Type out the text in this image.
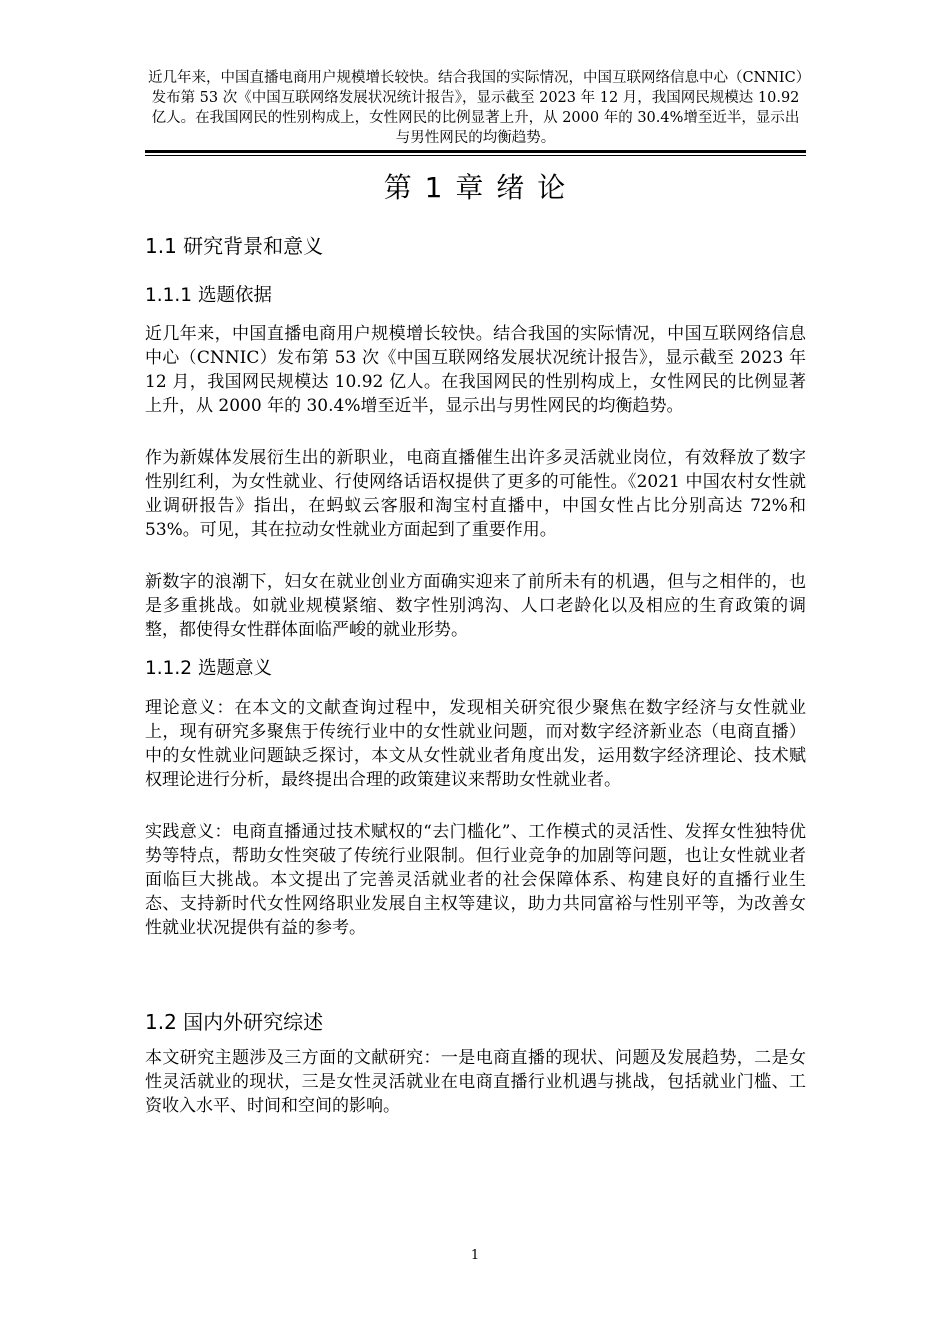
近几年来，中国直播电商用户规模增长较快。结合我国的实际情况，中国互联网络信息中心（CNNIC）发布第 53 次《中国互联网络发展状况统计报告》，显示截至 2023 年 12 月，我国网民规模达 10.92 亿人。在我国网民的性别构成上，女性网民的比例显著上升，从 2000 年的 30.4%增至近半，显示出与男性网民的均衡趋势。
第 1 章 绪 论
1.1 研究背景和意义
1.1.1 选题依据
近几年来，中国直播电商用户规模增长较快。结合我国的实际情况，中国互联网络信息中心（CNNIC）发布第 53 次《中国互联网络发展状况统计报告》，显示截至 2023 年 12 月，我国网民规模达 10.92 亿人。在我国网民的性别构成上，女性网民的比例显著上升，从 2000 年的 30.4%增至近半，显示出与男性网民的均衡趋势。
作为新媒体发展衍生出的新职业，电商直播催生出许多灵活就业岗位，有效释放了数字性别红利，为女性就业、行使网络话语权提供了更多的可能性。《2021 中国农村女性就业调研报告》指出，在蚂蚁云客服和淘宝村直播中，中国女性占比分别高达 72%和 53%。可见，其在拉动女性就业方面起到了重要作用。
新数字的浪潮下，妇女在就业创业方面确实迎来了前所未有的机遇，但与之相伴的，也是多重挑战。如就业规模紧缩、数字性别鸿沟、人口老龄化以及相应的生育政策的调整，都使得女性群体面临严峻的就业形势。
1.1.2 选题意义
理论意义：在本文的文献查询过程中，发现相关研究很少聚焦在数字经济与女性就业上，现有研究多聚焦于传统行业中的女性就业问题，而对数字经济新业态（电商直播）中的女性就业问题缺乏探讨，本文从女性就业者角度出发，运用数字经济理论、技术赋权理论进行分析，最终提出合理的政策建议来帮助女性就业者。
实践意义：电商直播通过技术赋权的“去门槛化”、工作模式的灵活性、发挥女性独特优势等特点，帮助女性突破了传统行业限制。但行业竞争的加剧等问题，也让女性就业者面临巨大挑战。本文提出了完善灵活就业者的社会保障体系、构建良好的直播行业生态、支持新时代女性网络职业发展自主权等建议，助力共同富裕与性别平等，为改善女性就业状况提供有益的参考。
1.2 国内外研究综述
本文研究主题涉及三方面的文献研究：一是电商直播的现状、问题及发展趋势，二是女性灵活就业的现状，三是女性灵活就业在电商直播行业机遇与挑战，包括就业门槛、工资收入水平、时间和空间的影响。
1
